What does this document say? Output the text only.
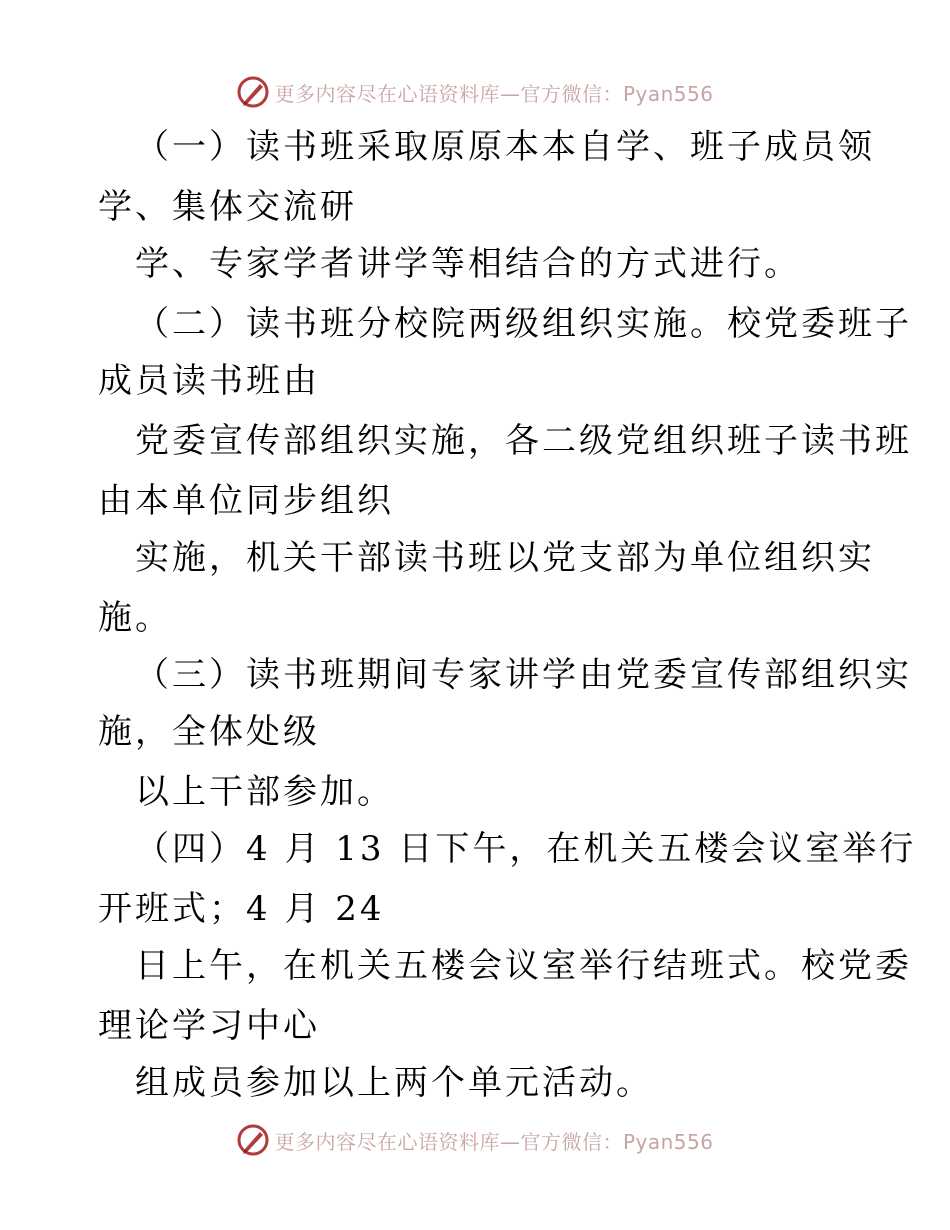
更多内容尽在心语资料库—官方微信：Pyan556
（一）读书班采取原原本本自学、班子成员领
学、集体交流研
学、专家学者讲学等相结合的方式进行。
（二）读书班分校院两级组织实施。校党委班子
成员读书班由
党委宣传部组织实施，各二级党组织班子读书班
由本单位同步组织
实施，机关干部读书班以党支部为单位组织实
施。
（三）读书班期间专家讲学由党委宣传部组织实
施，全体处级
以上干部参加。
（四）4 月 13 日下午，在机关五楼会议室举行
开班式；4 月 24
日上午，在机关五楼会议室举行结班式。校党委
理论学习中心
组成员参加以上两个单元活动。
更多内容尽在心语资料库—官方微信：Pyan556
